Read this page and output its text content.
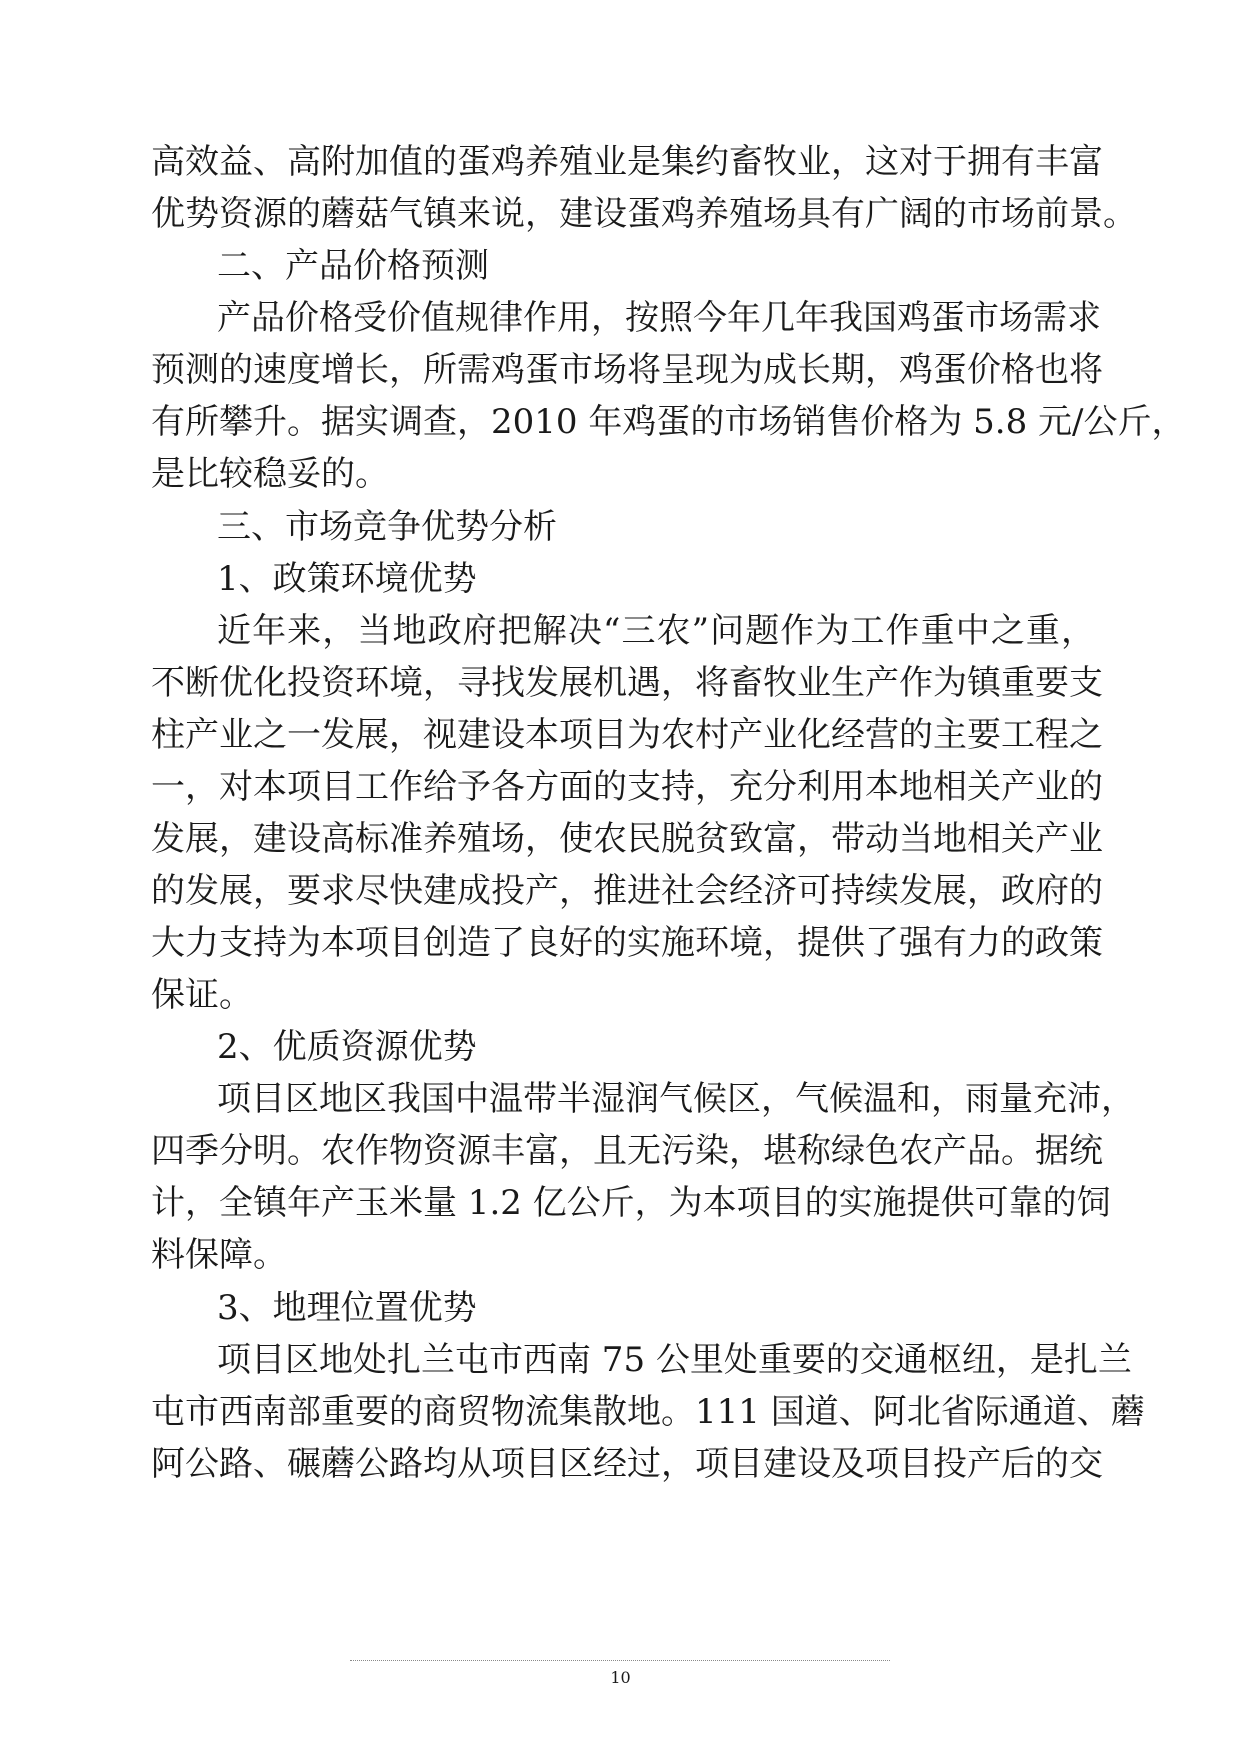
高效益、高附加值的蛋鸡养殖业是集约畜牧业，这对于拥有丰富
优势资源的蘑菇气镇来说，建设蛋鸡养殖场具有广阔的市场前景。
二、产品价格预测
产品价格受价值规律作用，按照今年几年我国鸡蛋市场需求
预测的速度增长，所需鸡蛋市场将呈现为成长期，鸡蛋价格也将
有所攀升。据实调查，2010 年鸡蛋的市场销售价格为 5.8 元/公斤，
是比较稳妥的。
三、市场竞争优势分析
1、政策环境优势
近年来，当地政府把解决“三农”问题作为工作重中之重，
不断优化投资环境，寻找发展机遇，将畜牧业生产作为镇重要支
柱产业之一发展，视建设本项目为农村产业化经营的主要工程之
一，对本项目工作给予各方面的支持，充分利用本地相关产业的
发展，建设高标准养殖场，使农民脱贫致富，带动当地相关产业
的发展，要求尽快建成投产，推进社会经济可持续发展，政府的
大力支持为本项目创造了良好的实施环境，提供了强有力的政策
保证。
2、优质资源优势
项目区地区我国中温带半湿润气候区，气候温和，雨量充沛，
四季分明。农作物资源丰富，且无污染，堪称绿色农产品。据统
计，全镇年产玉米量 1.2 亿公斤，为本项目的实施提供可靠的饲
料保障。
3、地理位置优势
项目区地处扎兰屯市西南 75 公里处重要的交通枢纽，是扎兰
屯市西南部重要的商贸物流集散地。111 国道、阿北省际通道、蘑
阿公路、碾蘑公路均从项目区经过，项目建设及项目投产后的交
10
